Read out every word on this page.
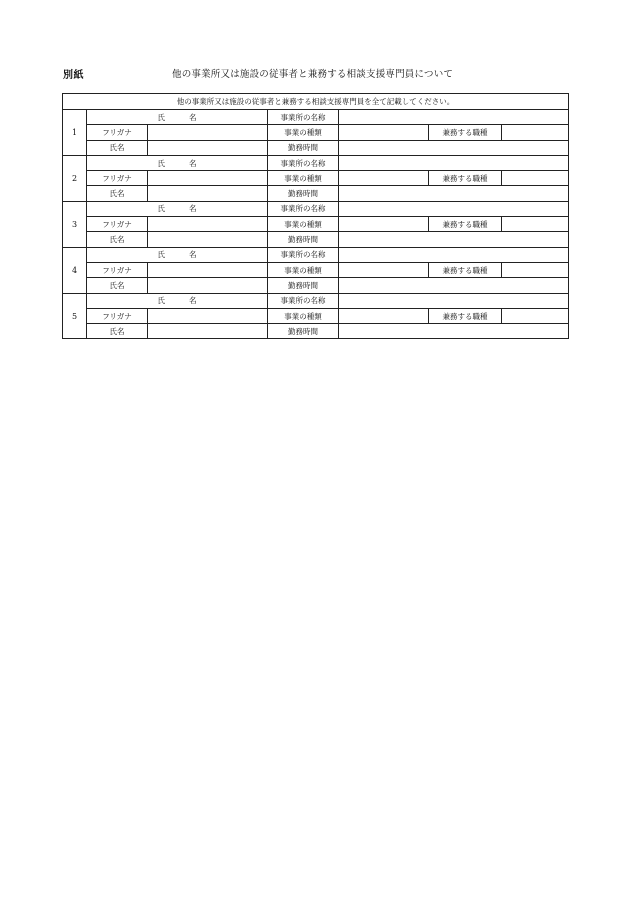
別紙	他の事業所又は施設の従事者と兼務する相談支援専門員について
他の事業所又は施設の従事者と兼務する相談支援専門員を全て記載してください。						
1	氏 名		事業所の名称			
	フリガナ		事業の種類		兼務する職種	
	氏名		勤務時間			
2	氏 名		事業所の名称			
	フリガナ		事業の種類		兼務する職種	
	氏名		勤務時間			
3	氏 名		事業所の名称			
	フリガナ		事業の種類		兼務する職種	
	氏名		勤務時間			
4	氏 名		事業所の名称			
	フリガナ		事業の種類		兼務する職種	
	氏名		勤務時間			
5	氏 名		事業所の名称			
	フリガナ		事業の種類		兼務する職種	
	氏名		勤務時間			
